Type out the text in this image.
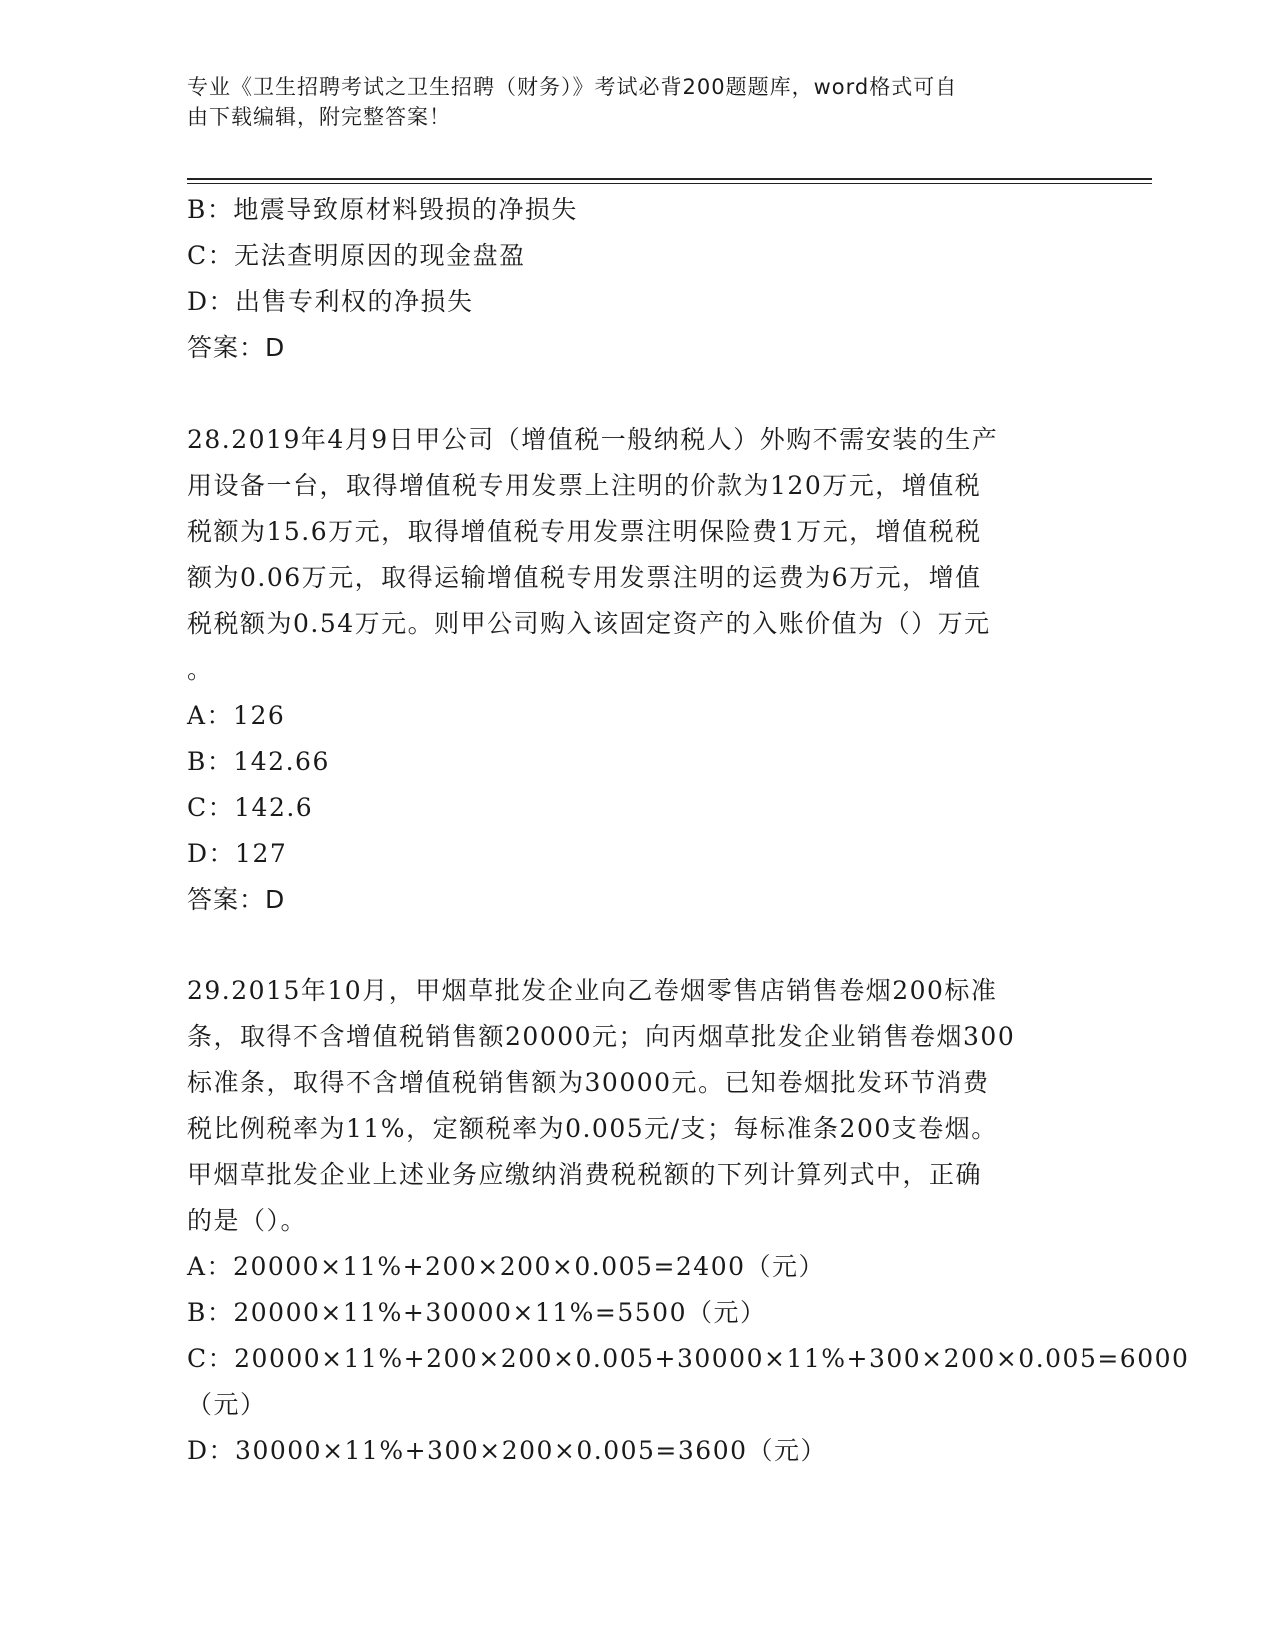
专业《卫生招聘考试之卫生招聘（财务）》考试必背200题题库，word格式可自
由下载编辑，附完整答案！
B：地震导致原材料毁损的净损失
C：无法查明原因的现金盘盈
D：出售专利权的净损失
答案：D
28.2019年4月9日甲公司（增值税一般纳税人）外购不需安装的生产
用设备一台，取得增值税专用发票上注明的价款为120万元，增值税
税额为15.6万元，取得增值税专用发票注明保险费1万元，增值税税
额为0.06万元，取得运输增值税专用发票注明的运费为6万元，增值
税税额为0.54万元。则甲公司购入该固定资产的入账价值为（）万元
。
A：126
B：142.66
C：142.6
D：127
答案：D
29.2015年10月，甲烟草批发企业向乙卷烟零售店销售卷烟200标准
条，取得不含增值税销售额20000元；向丙烟草批发企业销售卷烟300
标准条，取得不含增值税销售额为30000元。已知卷烟批发环节消费
税比例税率为11%，定额税率为0.005元/支；每标准条200支卷烟。
甲烟草批发企业上述业务应缴纳消费税税额的下列计算列式中，正确
的是（）。
A：20000×11%+200×200×0.005=2400（元）
B：20000×11%+30000×11%=5500（元）
C：20000×11%+200×200×0.005+30000×11%+300×200×0.005=6000
（元）
D：30000×11%+300×200×0.005=3600（元）
